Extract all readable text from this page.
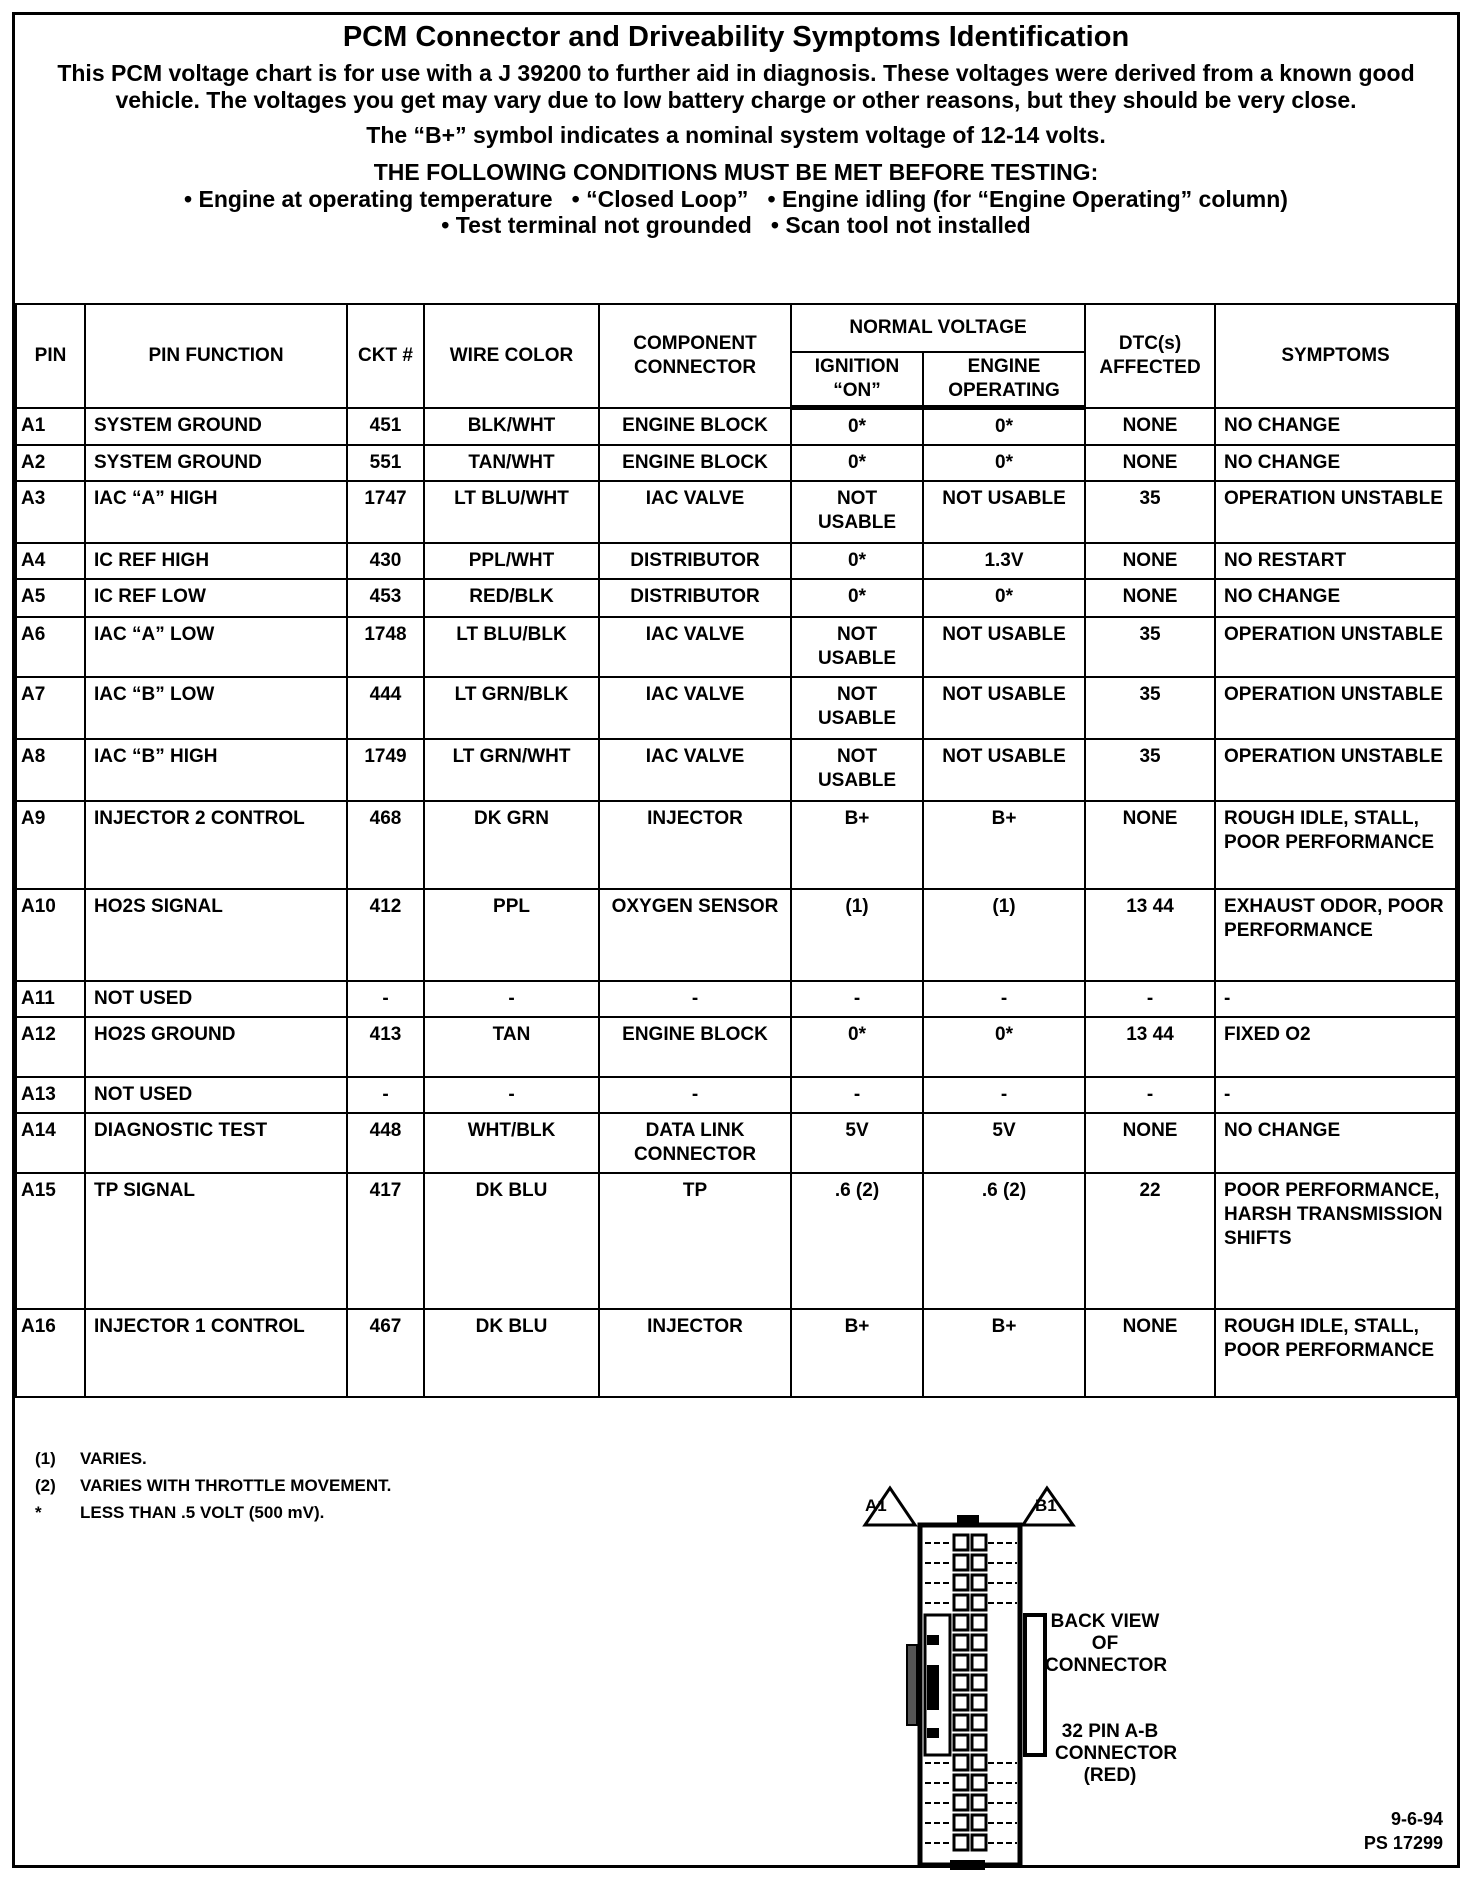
PCM Connector and Driveability Symptoms Identification
This PCM voltage chart is for use with a J 39200 to further aid in diagnosis. These voltages were derived from a known good vehicle. The voltages you get may vary due to low battery charge or other reasons, but they should be very close.
The “B+” symbol indicates a nominal system voltage of 12-14 volts.
THE FOLLOWING CONDITIONS MUST BE MET BEFORE TESTING:
• Engine at operating temperature   • “Closed Loop”   • Engine idling (for “Engine Operating” column)
• Test terminal not grounded   • Scan tool not installed
PIN	PIN FUNCTION	CKT #	WIRE COLOR	COMPONENT CONNECTOR	NORMAL VOLTAGE		DTC(s) AFFECTED	SYMPTOMS
					IGNITION “ON”	ENGINE OPERATING		
A1	SYSTEM GROUND	451	BLK/WHT	ENGINE BLOCK	0*	0*	NONE	NO CHANGE
A2	SYSTEM GROUND	551	TAN/WHT	ENGINE BLOCK	0*	0*	NONE	NO CHANGE
A3	IAC “A” HIGH	1747	LT BLU/WHT	IAC VALVE	NOT USABLE	NOT USABLE	35	OPERATION UNSTABLE
A4	IC REF HIGH	430	PPL/WHT	DISTRIBUTOR	0*	1.3V	NONE	NO RESTART
A5	IC REF LOW	453	RED/BLK	DISTRIBUTOR	0*	0*	NONE	NO CHANGE
A6	IAC “A” LOW	1748	LT BLU/BLK	IAC VALVE	NOT USABLE	NOT USABLE	35	OPERATION UNSTABLE
A7	IAC “B” LOW	444	LT GRN/BLK	IAC VALVE	NOT USABLE	NOT USABLE	35	OPERATION UNSTABLE
A8	IAC “B” HIGH	1749	LT GRN/WHT	IAC VALVE	NOT USABLE	NOT USABLE	35	OPERATION UNSTABLE
A9	INJECTOR 2 CONTROL	468	DK GRN	INJECTOR	B+	B+	NONE	ROUGH IDLE, STALL, POOR PERFORMANCE
A10	HO2S SIGNAL	412	PPL	OXYGEN SENSOR	(1)	(1)	13 44	EXHAUST ODOR, POOR PERFORMANCE
A11	NOT USED	-	-	-	-	-	-	-
A12	HO2S GROUND	413	TAN	ENGINE BLOCK	0*	0*	13 44	FIXED O2
A13	NOT USED	-	-	-	-	-	-	-
A14	DIAGNOSTIC TEST	448	WHT/BLK	DATA LINK CONNECTOR	5V	5V	NONE	NO CHANGE
A15	TP SIGNAL	417	DK BLU	TP	.6 (2)	.6 (2)	22	POOR PERFORMANCE, HARSH TRANSMISSION SHIFTS
A16	INJECTOR 1 CONTROL	467	DK BLU	INJECTOR	B+	B+	NONE	ROUGH IDLE, STALL, POOR PERFORMANCE
(1) VARIES.
(2) VARIES WITH THROTTLE MOVEMENT.
* LESS THAN .5 VOLT (500 mV).	A1	B1
BACK VIEW OF CONNECTOR
32 PIN A-B CONNECTOR (RED)
9-6-94
PS 17299
